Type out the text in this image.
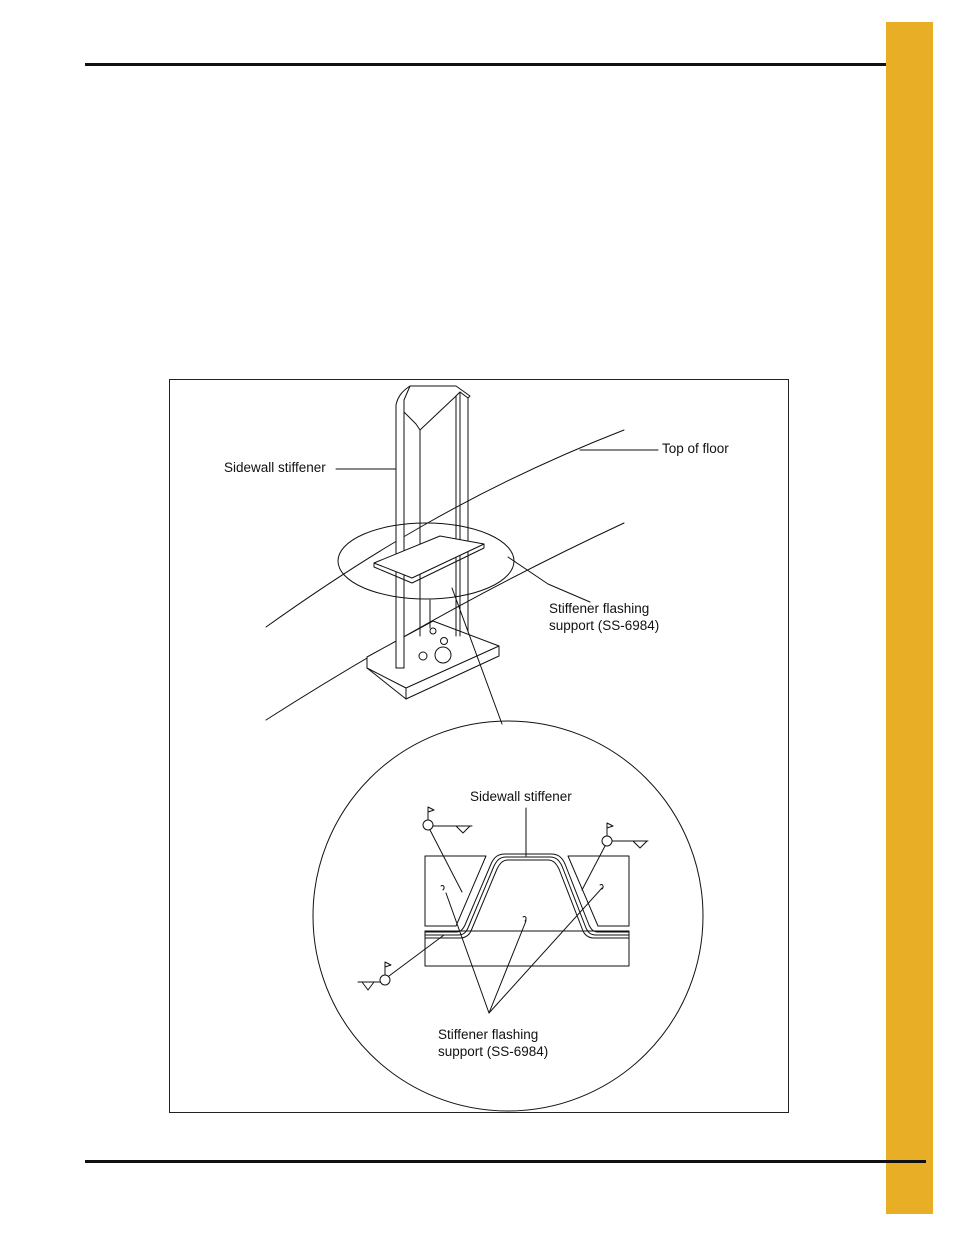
Sidewall stiffener
Top of floor
Stiffener flashing
support (SS-6984)
Sidewall stiffener
Stiffener flashing
support (SS-6984)
